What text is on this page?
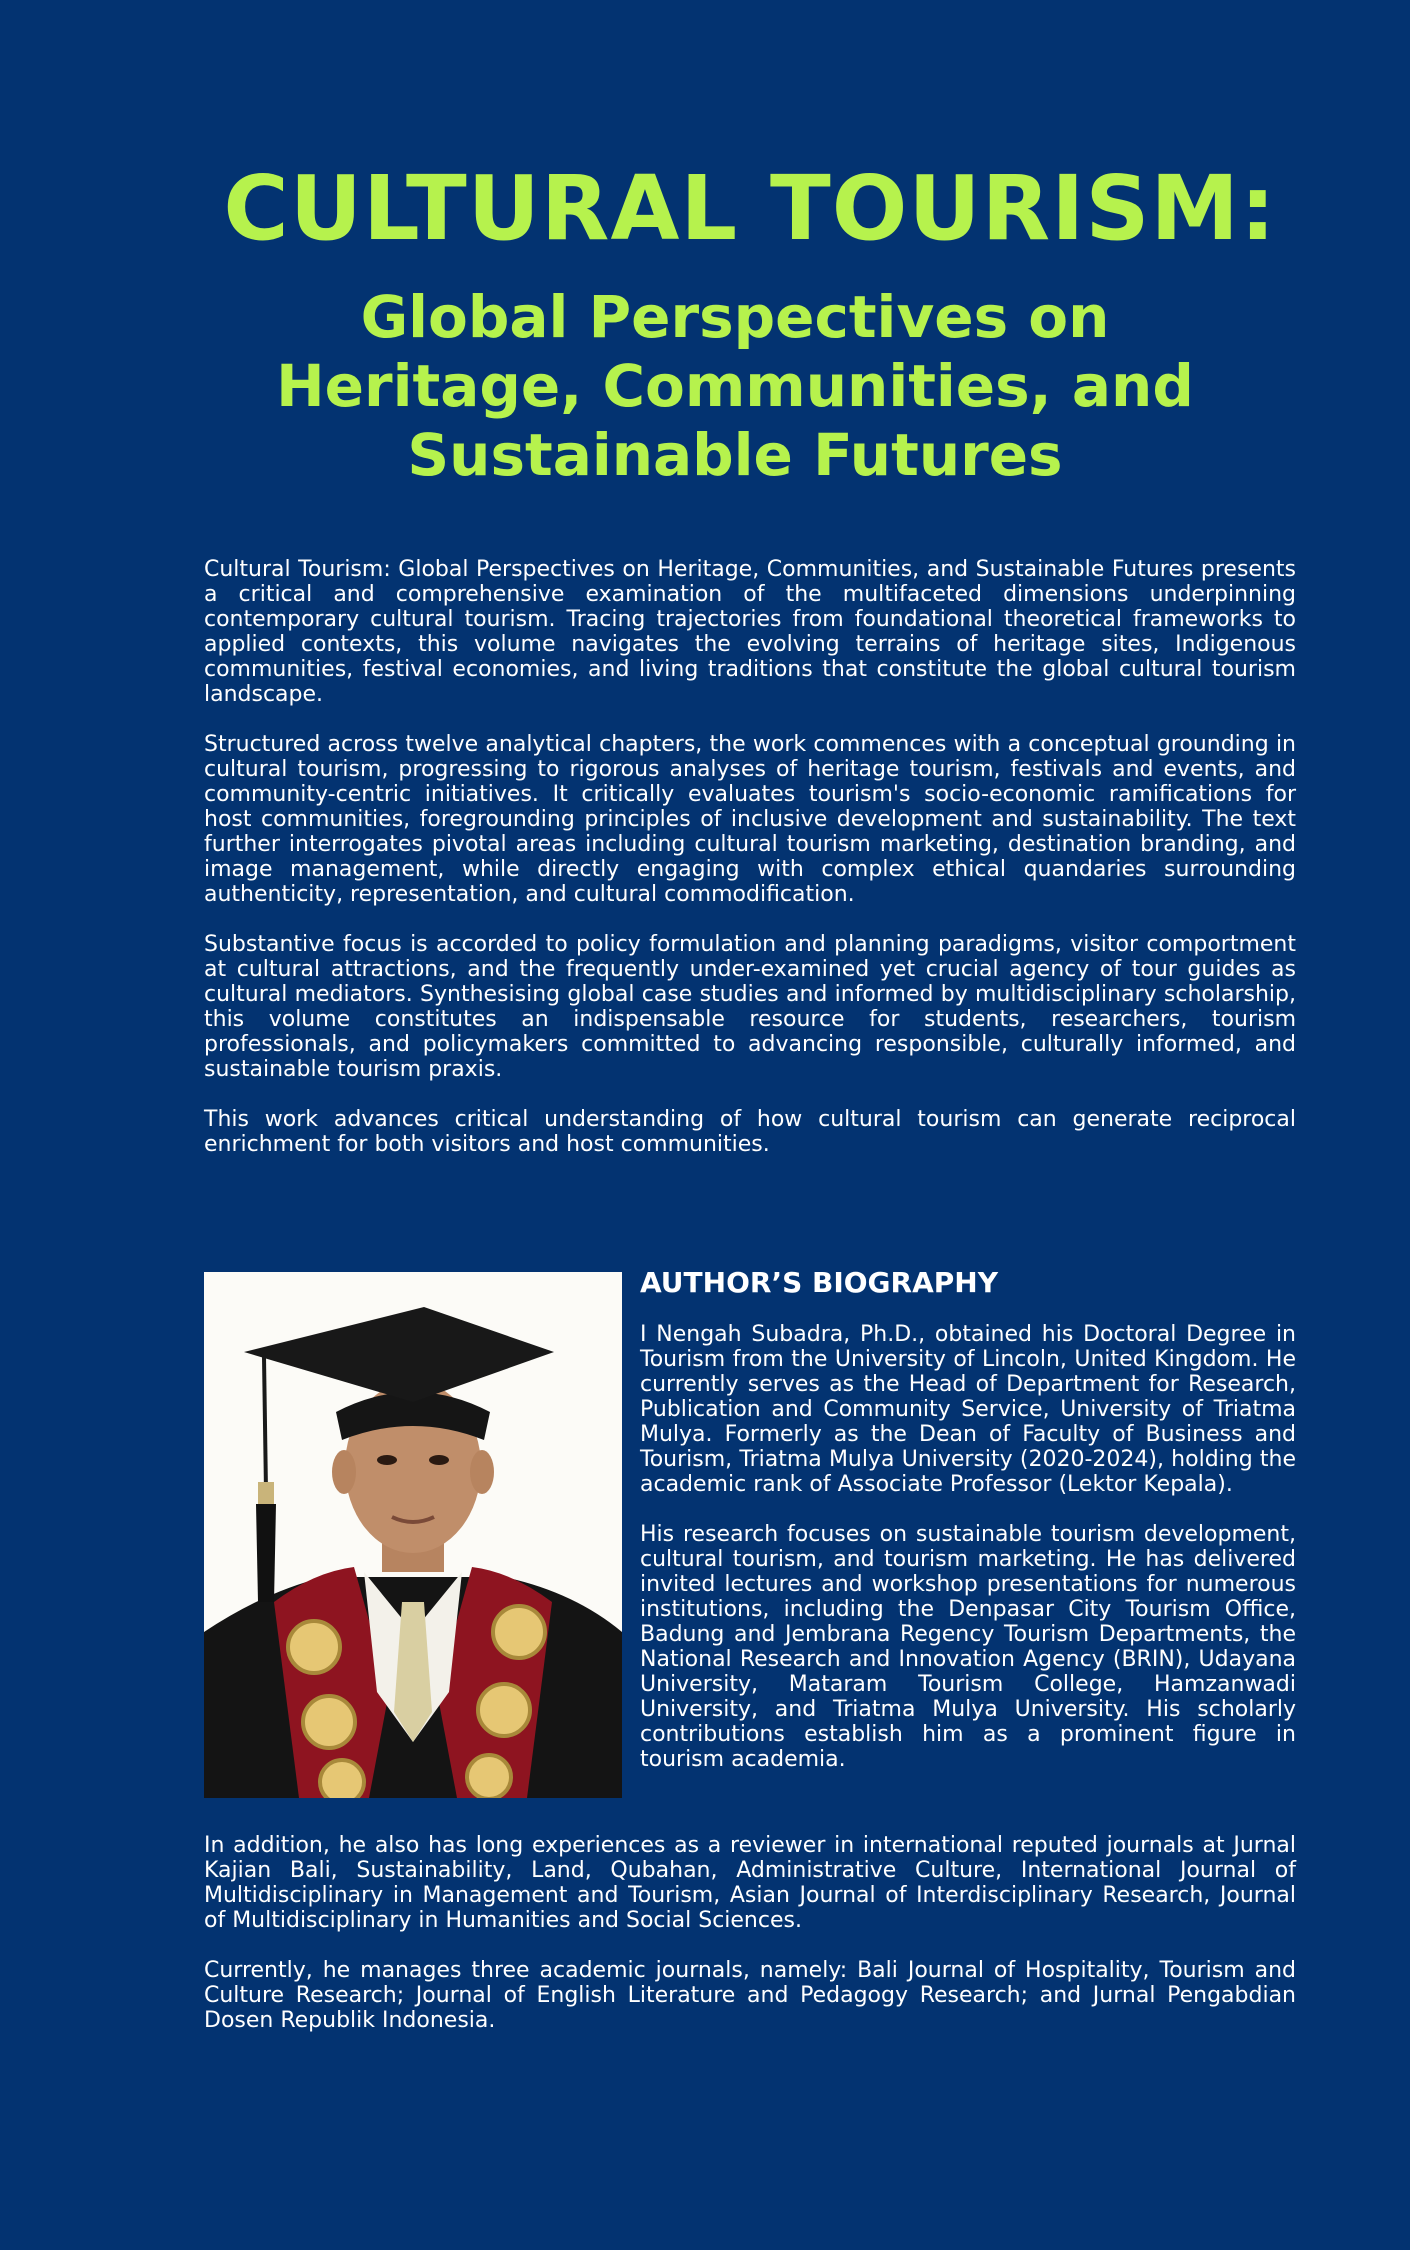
CULTURAL TOURISM:
Global Perspectives on
Heritage, Communities, and
Sustainable Futures

Cultural Tourism: Global Perspectives on Heritage, Communities, and Sustainable Futures presents a critical and comprehensive examination of the multifaceted dimensions underpinning contemporary cultural tourism. Tracing trajectories from foundational theoretical frameworks to applied contexts, this volume navigates the evolving terrains of heritage sites, Indigenous communities, festival economies, and living traditions that constitute the global cultural tourism landscape.

Structured across twelve analytical chapters, the work commences with a conceptual grounding in cultural tourism, progressing to rigorous analyses of heritage tourism, festivals and events, and community-centric initiatives. It critically evaluates tourism's socio-economic ramifications for host communities, foregrounding principles of inclusive development and sustainability. The text further interrogates pivotal areas including cultural tourism marketing, destination branding, and image management, while directly engaging with complex ethical quandaries surrounding authenticity, representation, and cultural commodification.

Substantive focus is accorded to policy formulation and planning paradigms, visitor comportment at cultural attractions, and the frequently under-examined yet crucial agency of tour guides as cultural mediators. Synthesising global case studies and informed by multidisciplinary scholarship, this volume constitutes an indispensable resource for students, researchers, tourism professionals, and policymakers committed to advancing responsible, culturally informed, and sustainable tourism praxis.

This work advances critical understanding of how cultural tourism can generate reciprocal enrichment for both visitors and host communities.

AUTHOR’S BIOGRAPHY

I Nengah Subadra, Ph.D., obtained his Doctoral Degree in Tourism from the University of Lincoln, United Kingdom. He currently serves as the Head of Department for Research, Publication and Community Service, University of Triatma Mulya. Formerly as the Dean of Faculty of Business and Tourism, Triatma Mulya University (2020-2024), holding the academic rank of Associate Professor (Lektor Kepala).

His research focuses on sustainable tourism development, cultural tourism, and tourism marketing. He has delivered invited lectures and workshop presentations for numerous institutions, including the Denpasar City Tourism Office, Badung and Jembrana Regency Tourism Departments, the National Research and Innovation Agency (BRIN), Udayana University, Mataram Tourism College, Hamzanwadi University, and Triatma Mulya University. His scholarly contributions establish him as a prominent figure in tourism academia.

In addition, he also has long experiences as a reviewer in international reputed journals at Jurnal Kajian Bali, Sustainability, Land, Qubahan, Administrative Culture, International Journal of Multidisciplinary in Management and Tourism, Asian Journal of Interdisciplinary Research, Journal of Multidisciplinary in Humanities and Social Sciences.

Currently, he manages three academic journals, namely: Bali Journal of Hospitality, Tourism and Culture Research; Journal of English Literature and Pedagogy Research; and Jurnal Pengabdian Dosen Republik Indonesia.
